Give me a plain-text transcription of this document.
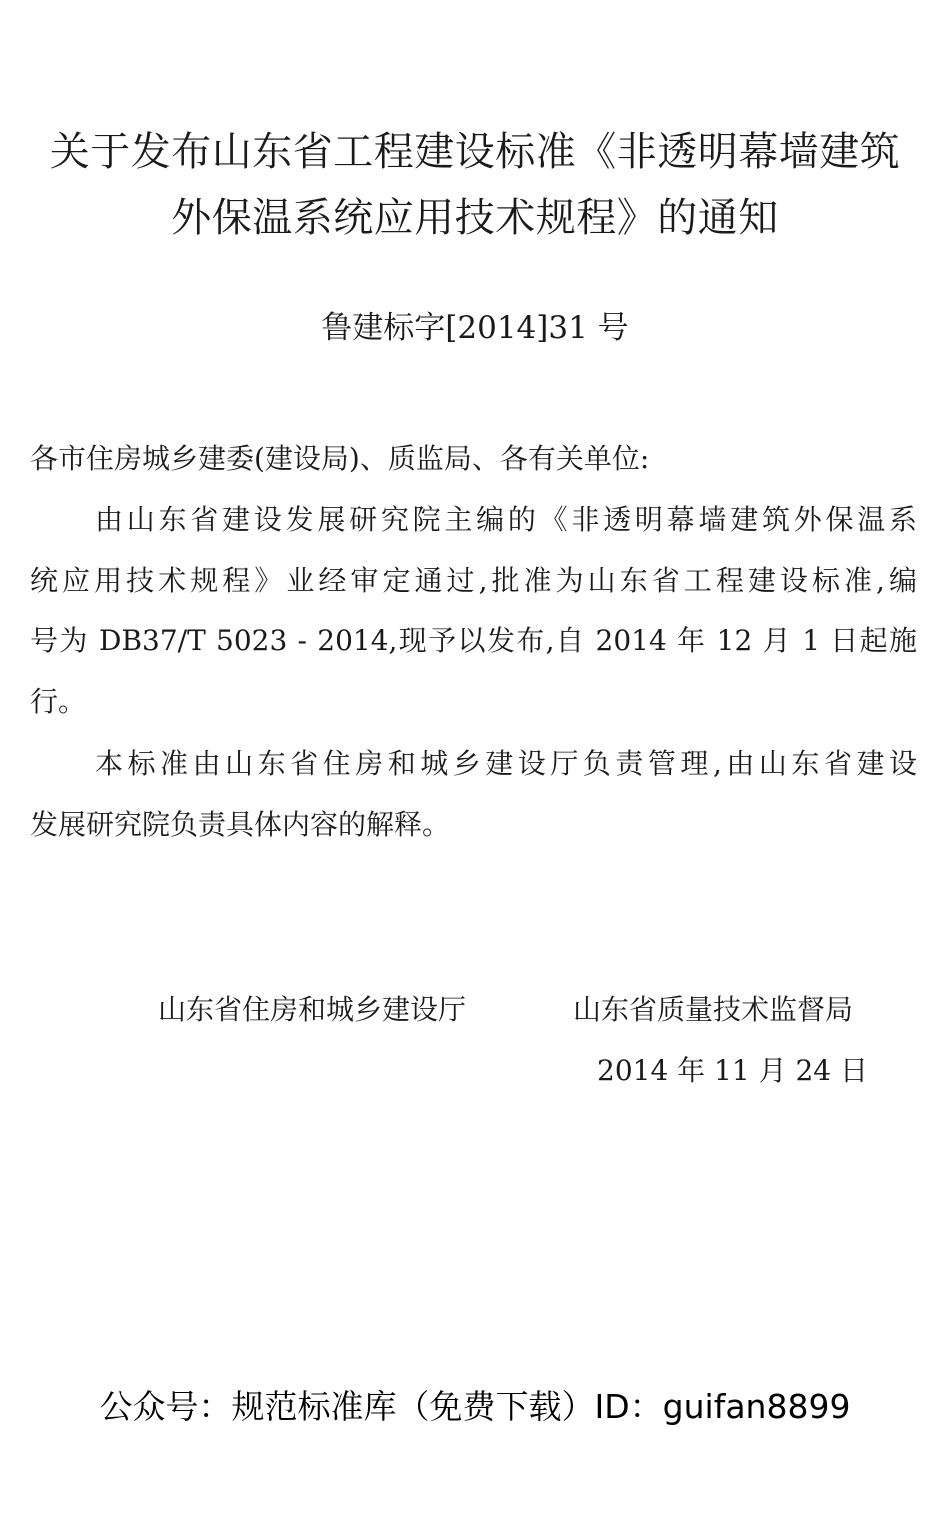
关于发布山东省工程建设标准《非透明幕墙建筑
外保温系统应用技术规程》的通知
鲁建标字[2014]31 号
各市住房城乡建委(建设局)、质监局、各有关单位:
由山东省建设发展研究院主编的《非透明幕墙建筑外保温系
统应用技术规程》业经审定通过,批准为山东省工程建设标准,编
号为 DB37/T 5023 - 2014,现予以发布,自 2014 年 12 月 1 日起施
行。
本标准由山东省住房和城乡建设厅负责管理,由山东省建设
发展研究院负责具体内容的解释。
山东省住房和城乡建设厅	山东省质量技术监督局
2014 年 11 月 24 日
公众号：规范标准库（免费下载）ID：guifan8899
